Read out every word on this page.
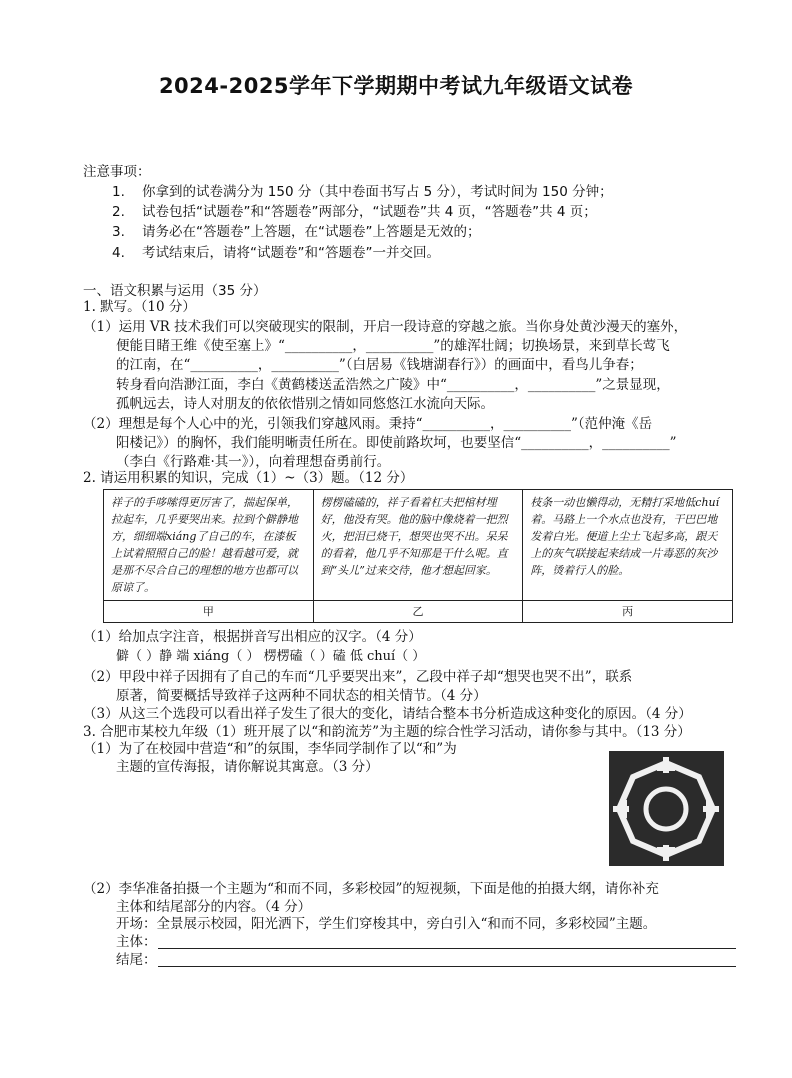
2024-2025学年下学期期中考试九年级语文试卷
注意事项：
1. 你拿到的试卷满分为 150 分（其中卷面书写占 5 分），考试时间为 150 分钟；
2. 试卷包括“试题卷”和“答题卷”两部分，“试题卷”共 4 页，“答题卷”共 4 页；
3. 请务必在“答题卷”上答题，在“试题卷”上答题是无效的；
4. 考试结束后，请将“试题卷”和“答题卷”一并交回。
一、语文积累与运用（35 分）
1. 默写。（10 分）
（1）运用 VR 技术我们可以突破现实的限制，开启一段诗意的穿越之旅。当你身处黄沙漫天的塞外，
便能目睹王维《使至塞上》“__________，__________”的雄浑壮阔；切换场景，来到草长莺飞
的江南，在“__________，__________”（白居易《钱塘湖春行》）的画面中，看鸟儿争春；
转身看向浩渺江面，李白《黄鹤楼送孟浩然之广陵》中“__________，__________”之景显现，
孤帆远去，诗人对朋友的依依惜别之情如同悠悠江水流向天际。
（2）理想是每个人心中的光，引领我们穿越风雨。秉持“__________，__________”（范仲淹《岳
阳楼记》）的胸怀，我们能明晰责任所在。即使前路坎坷，也要坚信“__________，__________”
（李白《行路难·其一》），向着理想奋勇前行。
2. 请运用积累的知识，完成（1）~（3）题。（12 分）
祥子的手哆嗦得更厉害了，揣起保单，拉起车，几乎要哭出来。拉到个僻静地方，细细端xiáng了自己的车，在漆板上试着照照自己的脸！越看越可爱，就是那不尽合自己的理想的地方也都可以原谅了。	楞楞磕磕的，祥子看着杠夫把棺材埋好，他没有哭。他的脑中像烧着一把烈火，把泪已烧干，想哭也哭不出。呆呆的看着，他几乎不知那是干什么呢。直到“头儿”过来交待，他才想起回家。	枝条一动也懒得动，无精打采地低chuí着。马路上一个水点也没有，干巴巴地发着白光。便道上尘土飞起多高，跟天上的灰气联接起来结成一片毒恶的灰沙阵，烫着行人的脸。
甲	乙	丙
（1）给加点字注音，根据拼音写出相应的汉字。（4 分）
僻（ ）静 端 xiáng（ ） 楞楞磕（ ）磕 低 chuí（ ）
（2）甲段中祥子因拥有了自己的车而“几乎要哭出来”，乙段中祥子却“想哭也哭不出”，联系
原著，简要概括导致祥子这两种不同状态的相关情节。（4 分）
（3）从这三个选段可以看出祥子发生了很大的变化，请结合整本书分析造成这种变化的原因。（4 分）
3. 合肥市某校九年级（1）班开展了以“和韵流芳”为主题的综合性学习活动，请你参与其中。（13 分）
（1）为了在校园中营造“和”的氛围，李华同学制作了以“和”为
主题的宣传海报，请你解说其寓意。（3 分）
（2）李华准备拍摄一个主题为“和而不同，多彩校园”的短视频，下面是他的拍摄大纲，请你补充
主体和结尾部分的内容。（4 分）
开场：全景展示校园，阳光洒下，学生们穿梭其中，旁白引入“和而不同，多彩校园”主题。
主体：
结尾：
